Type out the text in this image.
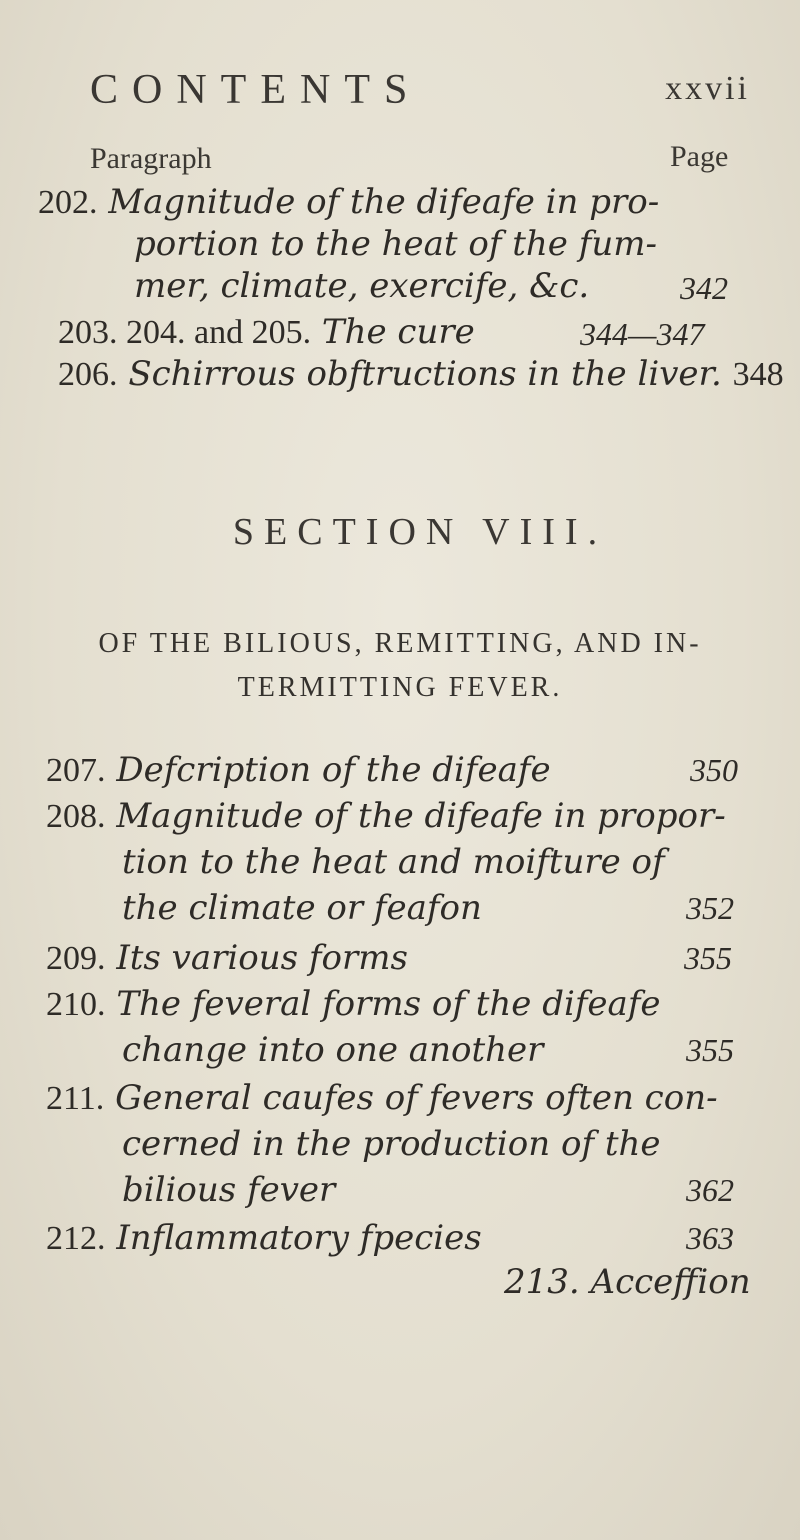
CONTENTS	xxvii
Paragraph	Page
202. Magnitude of the difeafe in pro-
portion to the heat of the fum-
mer, climate, exercife, &c.	342
203. 204. and 205. The cure	344—347
206. Schirrous obftructions in the liver. 348
SECTION VIII.
OF THE BILIOUS, REMITTING, AND IN-
TERMITTING FEVER.
207. Defcription of the difeafe	350
208. Magnitude of the difeafe in propor-
tion to the heat and moifture of
the climate or feafon	352
209. Its various forms	355
210. The feveral forms of the difeafe
change into one another	355
211. General caufes of fevers often con-
cerned in the production of the
bilious fever	362
212. Inflammatory fpecies	363
213. Acceffion
